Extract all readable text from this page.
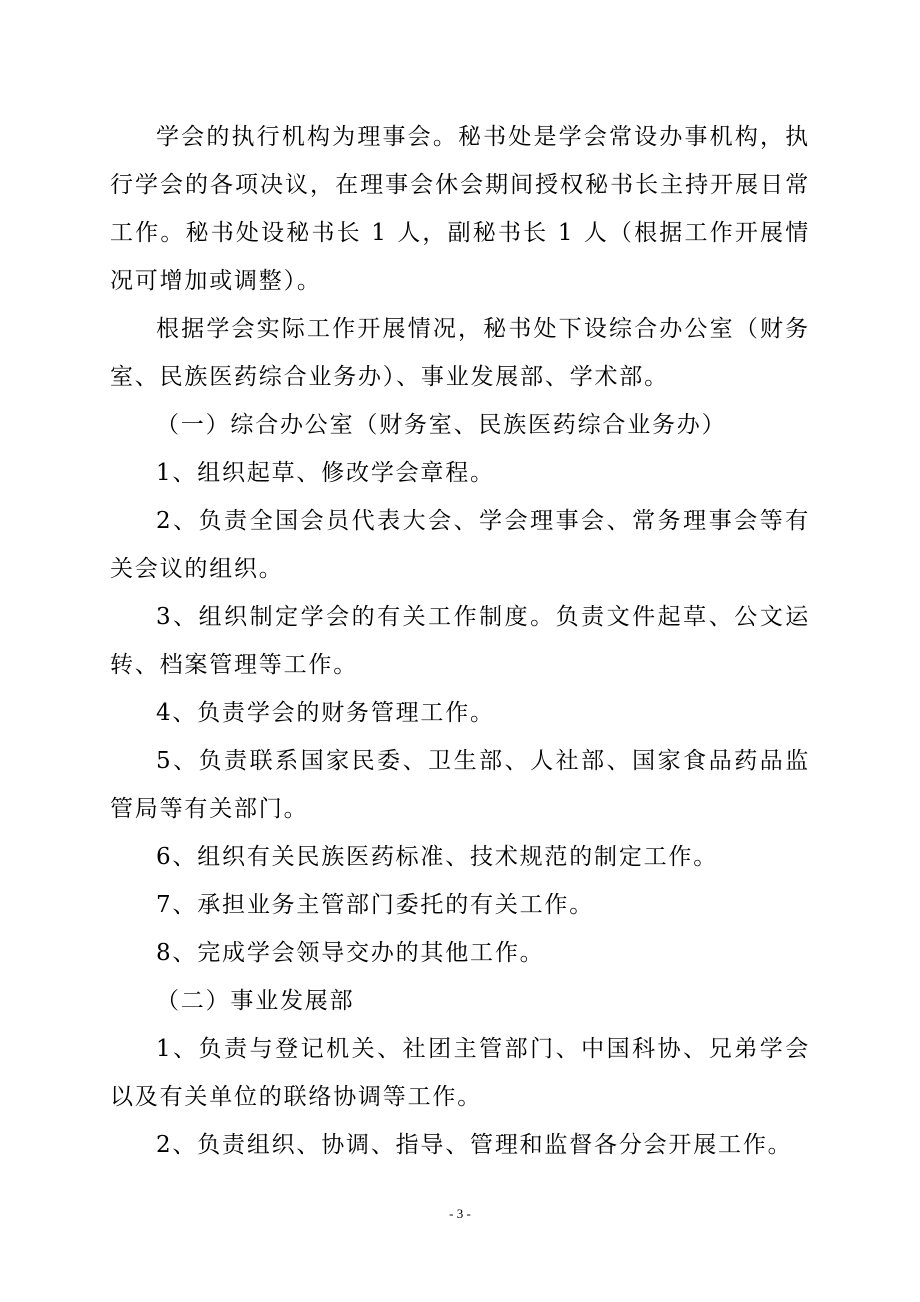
学会的执行机构为理事会。秘书处是学会常设办事机构，执行学会的各项决议，在理事会休会期间授权秘书长主持开展日常工作。秘书处设秘书长 1 人，副秘书长 1 人（根据工作开展情况可增加或调整）。

根据学会实际工作开展情况，秘书处下设综合办公室（财务室、民族医药综合业务办）、事业发展部、学术部。

（一）综合办公室（财务室、民族医药综合业务办）

1、组织起草、修改学会章程。

2、负责全国会员代表大会、学会理事会、常务理事会等有关会议的组织。

3、组织制定学会的有关工作制度。负责文件起草、公文运转、档案管理等工作。

4、负责学会的财务管理工作。

5、负责联系国家民委、卫生部、人社部、国家食品药品监管局等有关部门。

6、组织有关民族医药标准、技术规范的制定工作。

7、承担业务主管部门委托的有关工作。

8、完成学会领导交办的其他工作。

（二）事业发展部

1、负责与登记机关、社团主管部门、中国科协、兄弟学会以及有关单位的联络协调等工作。

2、负责组织、协调、指导、管理和监督各分会开展工作。

- 3 -
